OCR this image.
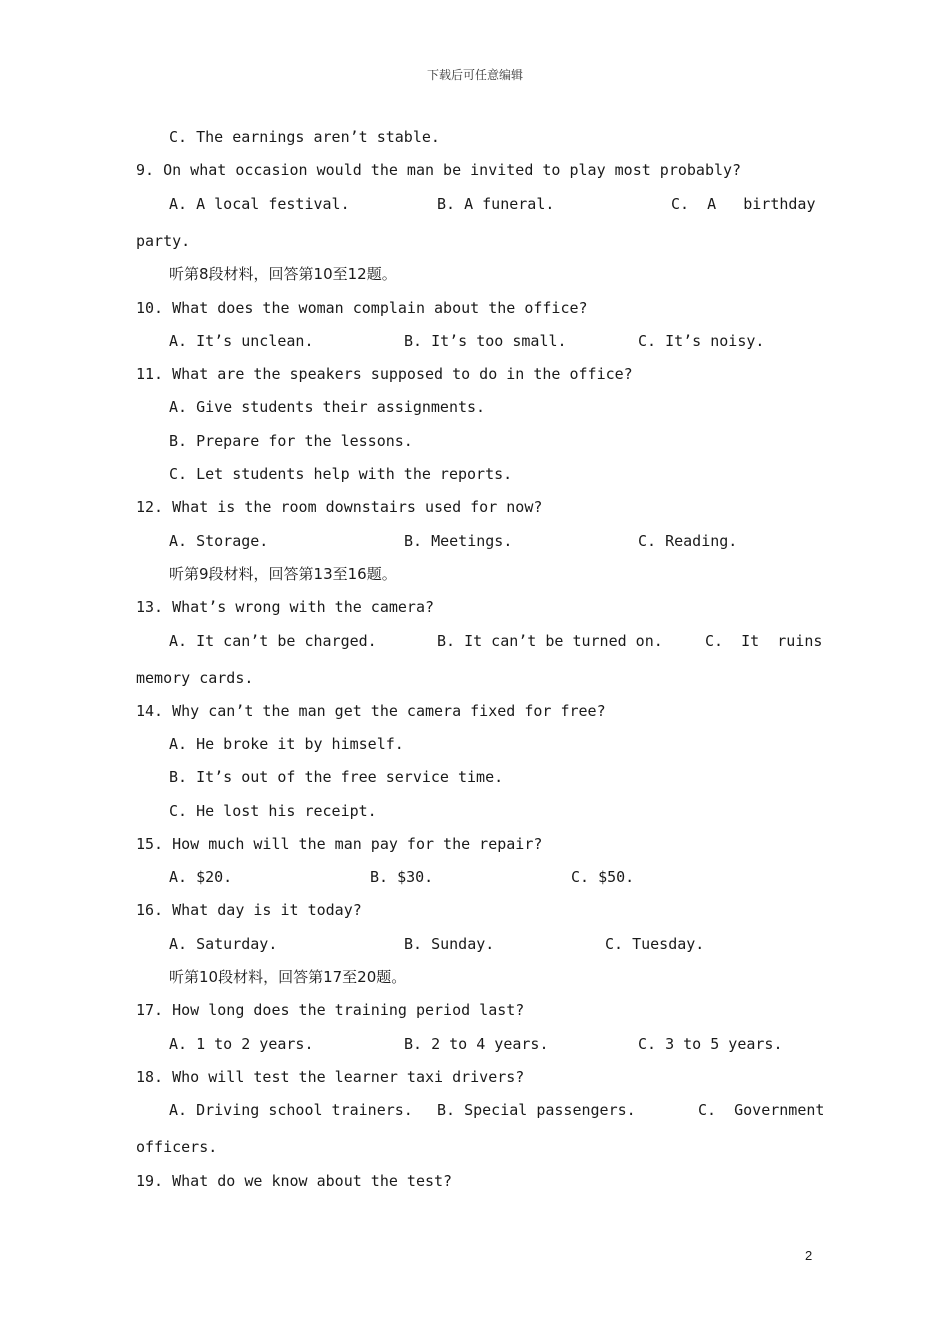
下载后可任意编辑
C. The earnings aren’t stable.
9. On what occasion would the man be invited to play most probably?
A. A local festival.	B. A funeral.	C.  A   birthday
party.
听第8段材料，回答第10至12题。
10. What does the woman complain about the office?
A. It’s unclean.	B. It’s too small.	C. It’s noisy.
11. What are the speakers supposed to do in the office?
A. Give students their assignments.
B. Prepare for the lessons.
C. Let students help with the reports.
12. What is the room downstairs used for now?
A. Storage.	B. Meetings.	C. Reading.
听第9段材料，回答第13至16题。
13. What’s wrong with the camera?
A. It can’t be charged.	B. It can’t be turned on.	C.  It  ruins
memory cards.
14. Why can’t the man get the camera fixed for free?
A. He broke it by himself.
B. It’s out of the free service time.
C. He lost his receipt.
15. How much will the man pay for the repair?
A. $20.	B. $30.	C. $50.
16. What day is it today?
A. Saturday.	B. Sunday.	C. Tuesday.
听第10段材料，回答第17至20题。
17. How long does the training period last?
A. 1 to 2 years.	B. 2 to 4 years.	C. 3 to 5 years.
18. Who will test the learner taxi drivers?
A. Driving school trainers. B. Special passengers.	C.  Government
officers.
19. What do we know about the test?
2
